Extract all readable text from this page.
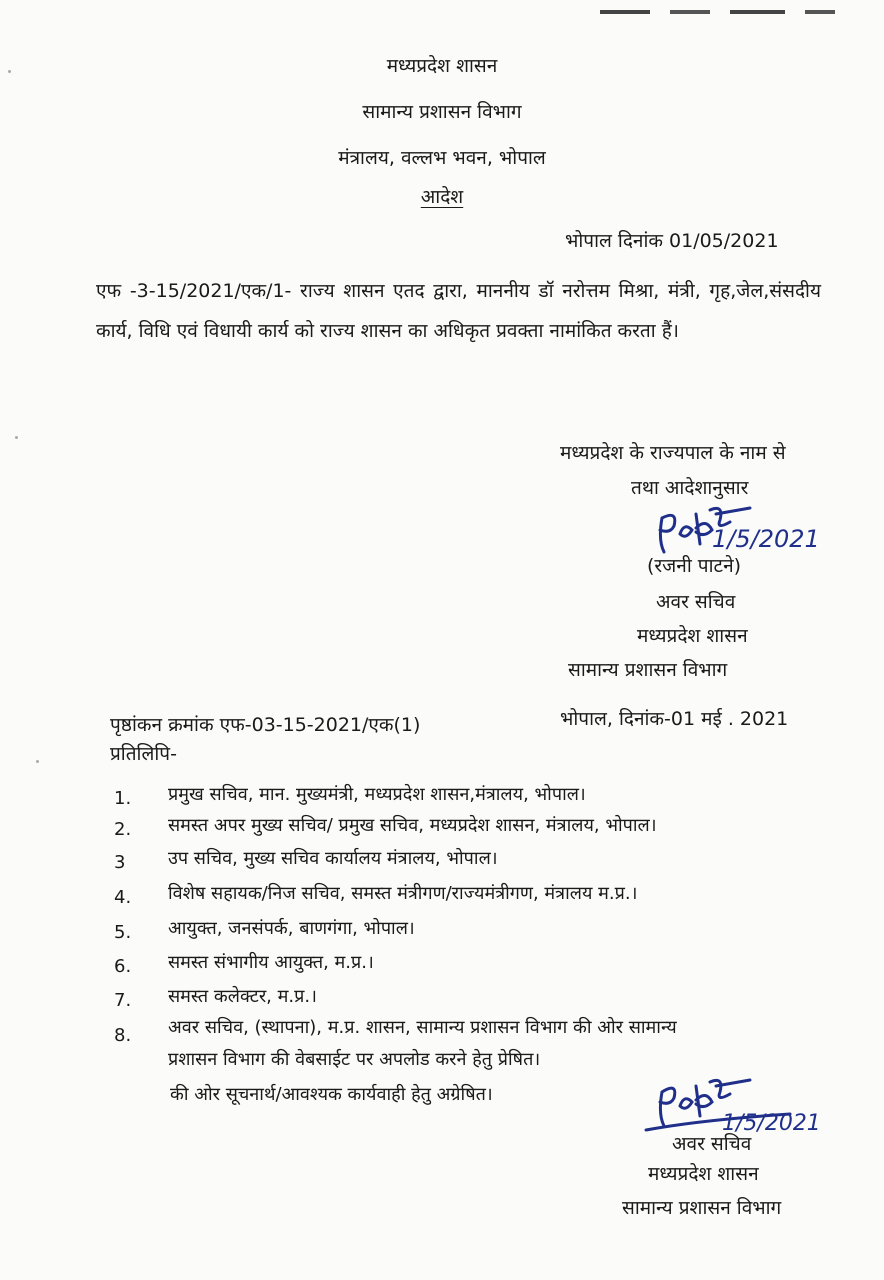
मध्यप्रदेश शासन
सामान्य प्रशासन विभाग
मंत्रालय, वल्लभ भवन, भोपाल
आदेश
भोपाल दिनांक 01/05/2021
एफ -3-15/2021/एक/1- राज्य शासन एतद द्वारा, माननीय डॉ नरोत्तम मिश्रा, मंत्री, गृह,जेल,संसदीय कार्य, विधि एवं विधायी कार्य को राज्य शासन का अधिकृत प्रवक्ता नामांकित करता हैं।
मध्यप्रदेश के राज्यपाल के नाम से
तथा आदेशानुसार
1/5/2021
(रजनी पाटने)
अवर सचिव
मध्यप्रदेश शासन
सामान्य प्रशासन विभाग
पृष्ठांकन क्रमांक एफ-03-15-2021/एक(1)	भोपाल, दिनांक-01 मई . 2021
प्रतिलिपि-
1. प्रमुख सचिव, मान. मुख्यमंत्री, मध्यप्रदेश शासन,मंत्रालय, भोपाल।
2. समस्त अपर मुख्य सचिव/ प्रमुख सचिव, मध्यप्रदेश शासन, मंत्रालय, भोपाल।
3 उप सचिव, मुख्य सचिव कार्यालय मंत्रालय, भोपाल।
4. विशेष सहायक/निज सचिव, समस्त मंत्रीगण/राज्यमंत्रीगण, मंत्रालय म.प्र.।
5. आयुक्त, जनसंपर्क, बाणगंगा, भोपाल।
6. समस्त संभागीय आयुक्त, म.प्र.।
7. समस्त कलेक्टर, म.प्र.।
8. अवर सचिव, (स्थापना), म.प्र. शासन, सामान्य प्रशासन विभाग की ओर सामान्य
प्रशासन विभाग की वेबसाईट पर अपलोड करने हेतु प्रेषित।
की ओर सूचनार्थ/आवश्यक कार्यवाही हेतु अग्रेषित।
1/5/2021
अवर सचिव
मध्यप्रदेश शासन
सामान्य प्रशासन विभाग
